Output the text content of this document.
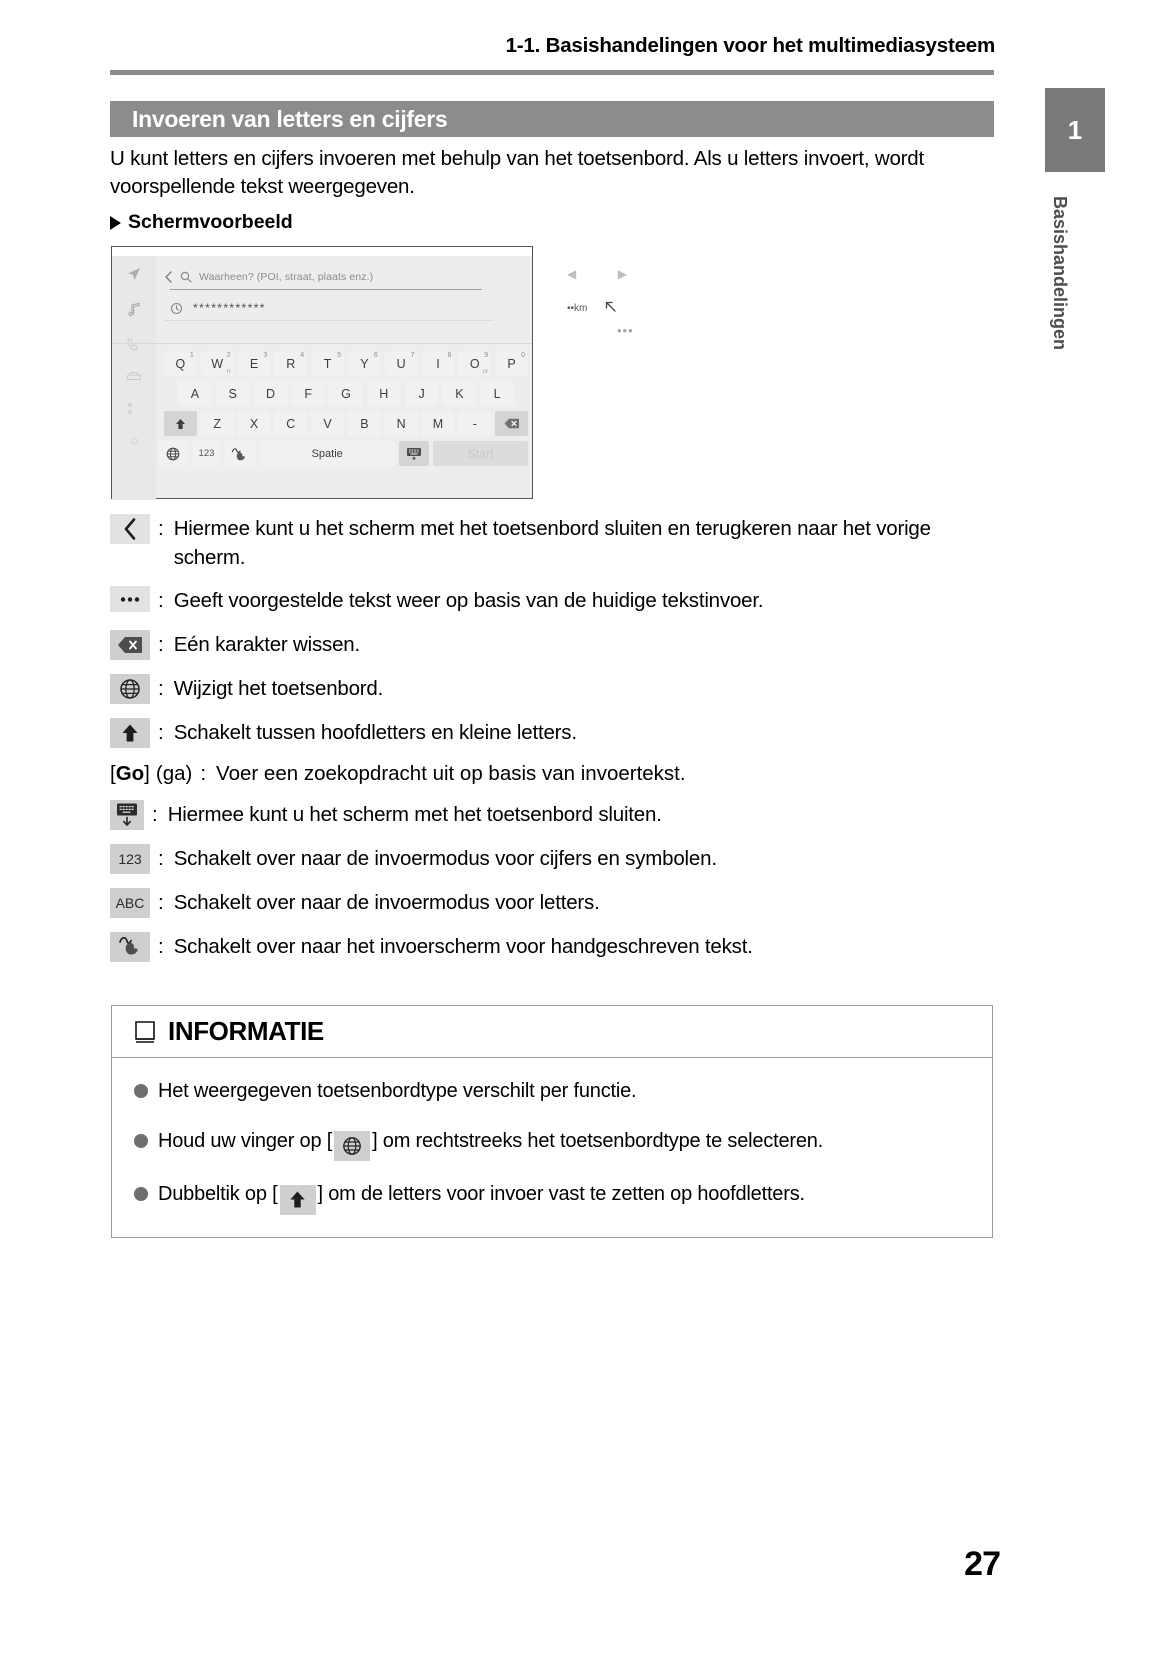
1-1. Basishandelingen voor het multimediasysteem
1
Basishandelingen
Invoeren van letters en cijfers
U kunt letters en cijfers invoeren met behulp van het toetsenbord. Als u letters invoert, wordt voorspellende tekst weergegeven.
Schermvoorbeeld
Waarheen? (POI, straat, plaats enz.)	◀	▶
************	••km
•••
Q
1
W
2
n
E
3
R
4
T
5
Y
6
U
7
I
8
O
9
cr
P
0
A	S	D	F	G	H	J	K	L
Z	X	C	V	B	N	M	-
123	Spatie	Start
: Hiermee kunt u het scherm met het toetsenbord sluiten en terugkeren naar het vorige scherm.
: Geeft voorgestelde tekst weer op basis van de huidige tekstinvoer.
: Eén karakter wissen.
: Wijzigt het toetsenbord.
: Schakelt tussen hoofdletters en kleine letters.
[ Go ] (ga) : Voer een zoekopdracht uit op basis van invoertekst.
: Hiermee kunt u het scherm met het toetsenbord sluiten.
123 : Schakelt over naar de invoermodus voor cijfers en symbolen.
ABC : Schakelt over naar de invoermodus voor letters.
: Schakelt over naar het invoerscherm voor handgeschreven tekst.
INFORMATIE
Het weergegeven toetsenbordtype verschilt per functie.
Houd uw vinger op [ ] om rechtstreeks het toetsenbordtype te selecteren.
Dubbeltik op [ ] om de letters voor invoer vast te zetten op hoofdletters.
27
